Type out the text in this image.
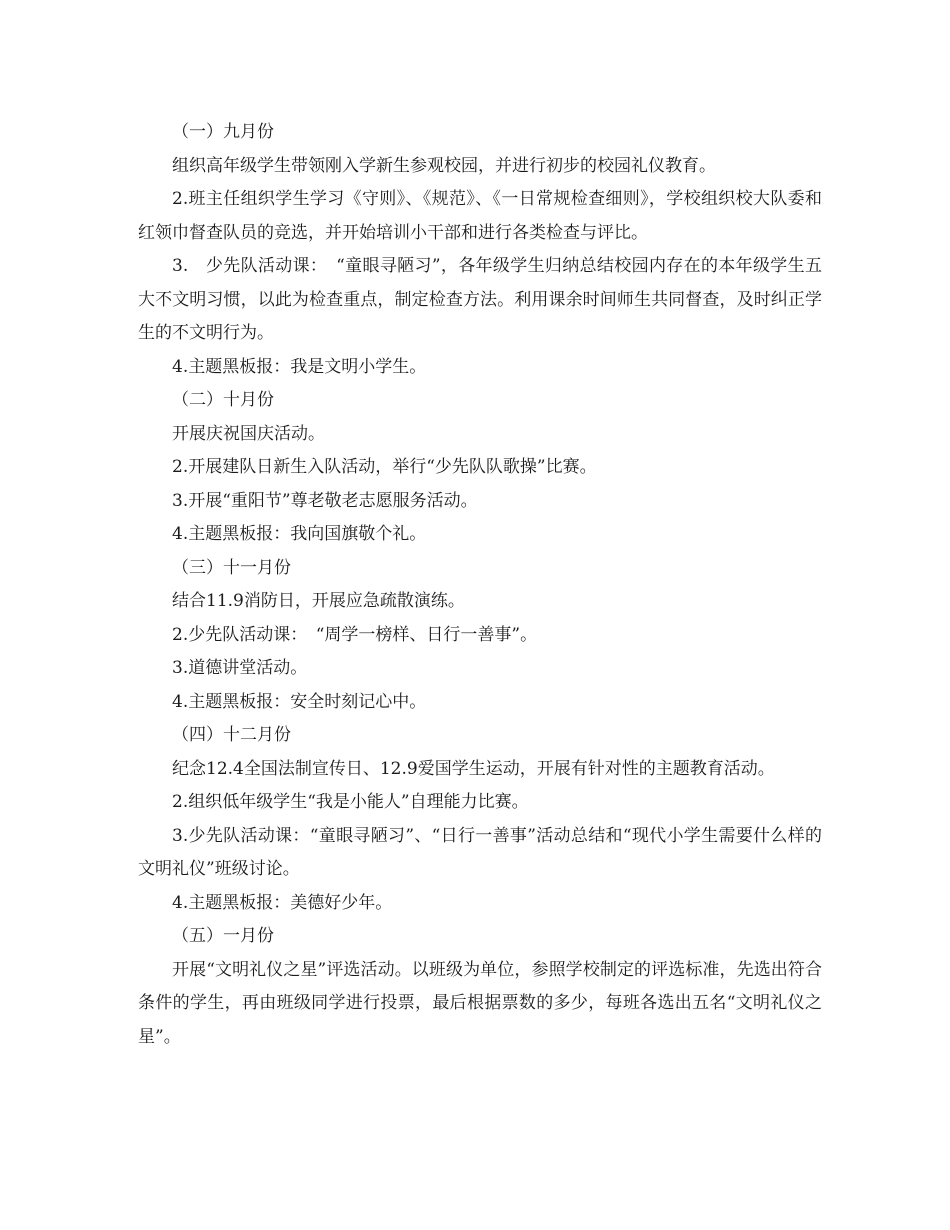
（一）九月份

组织高年级学生带领刚入学新生参观校园，并进行初步的校园礼仪教育。

2.班主任组织学生学习《守则》、《规范》、《一日常规检查细则》，学校组织校大队委和红领巾督查队员的竞选，并开始培训小干部和进行各类检查与评比。

3.　少先队活动课：　“童眼寻陋习”，各年级学生归纳总结校园内存在的本年级学生五大不文明习惯，以此为检查重点，制定检查方法。利用课余时间师生共同督查，及时纠正学生的不文明行为。

4.主题黑板报：我是文明小学生。

（二）十月份

开展庆祝国庆活动。

2.开展建队日新生入队活动，举行“少先队队歌操”比赛。

3.开展“重阳节”尊老敬老志愿服务活动。

4.主题黑板报：我向国旗敬个礼。

（三）十一月份

结合11.9消防日，开展应急疏散演练。

2.少先队活动课：　“周学一榜样、日行一善事”。

3.道德讲堂活动。

4.主题黑板报：安全时刻记心中。

（四）十二月份

纪念12.4全国法制宣传日、12.9爱国学生运动，开展有针对性的主题教育活动。

2.组织低年级学生“我是小能人”自理能力比赛。

3.少先队活动课：“童眼寻陋习”、“日行一善事”活动总结和“现代小学生需要什么样的文明礼仪”班级讨论。

4.主题黑板报：美德好少年。

（五）一月份

开展“文明礼仪之星”评选活动。以班级为单位，参照学校制定的评选标准，先选出符合条件的学生，再由班级同学进行投票，最后根据票数的多少，每班各选出五名“文明礼仪之星”。
